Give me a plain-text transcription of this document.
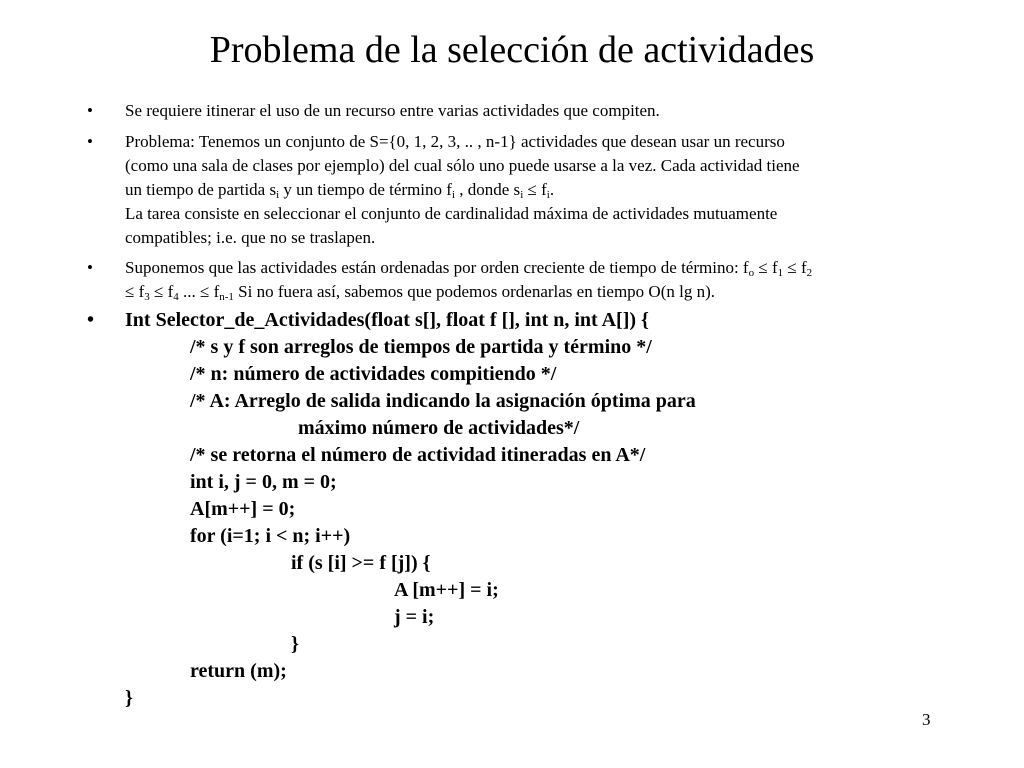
Problema de la selección de actividades
• Se requiere itinerar el uso de un recurso entre varias actividades que compiten.
• Problema: Tenemos un conjunto de S={0, 1, 2, 3, .. , n-1} actividades que desean usar un recurso
(como una sala de clases por ejemplo) del cual sólo uno puede usarse a la vez. Cada actividad tiene
un tiempo de partida $s_i$ y un tiempo de término $f_i$ , donde $s_i \le f_i$.
La tarea consiste en seleccionar el conjunto de cardinalidad máxima de actividades mutuamente
compatibles; i.e. que no se traslapen.
• Suponemos que las actividades están ordenadas por orden creciente de tiempo de término: $f_o \le f_1 \le f_2$
≤ $f_3 \le f_4$ ... ≤ $f_{n-1}$ Si no fuera así, sabemos que podemos ordenarlas en tiempo O(n lg n).
• Int Selector_de_Actividades(float s[], float f [], int n, int A[]) {
/* s y f son arreglos de tiempos de partida y término */
/* n: número de actividades compitiendo */
/* A: Arreglo de salida indicando la asignación óptima para
máximo número de actividades*/
/* se retorna el número de actividad itineradas en A*/
int i, j = 0, m = 0;
A[m++] = 0;
for (i=1; i < n; i++)
if (s [i] >= f [j]) {
A [m++] = i;
j = i;
}
return (m);
}
3
